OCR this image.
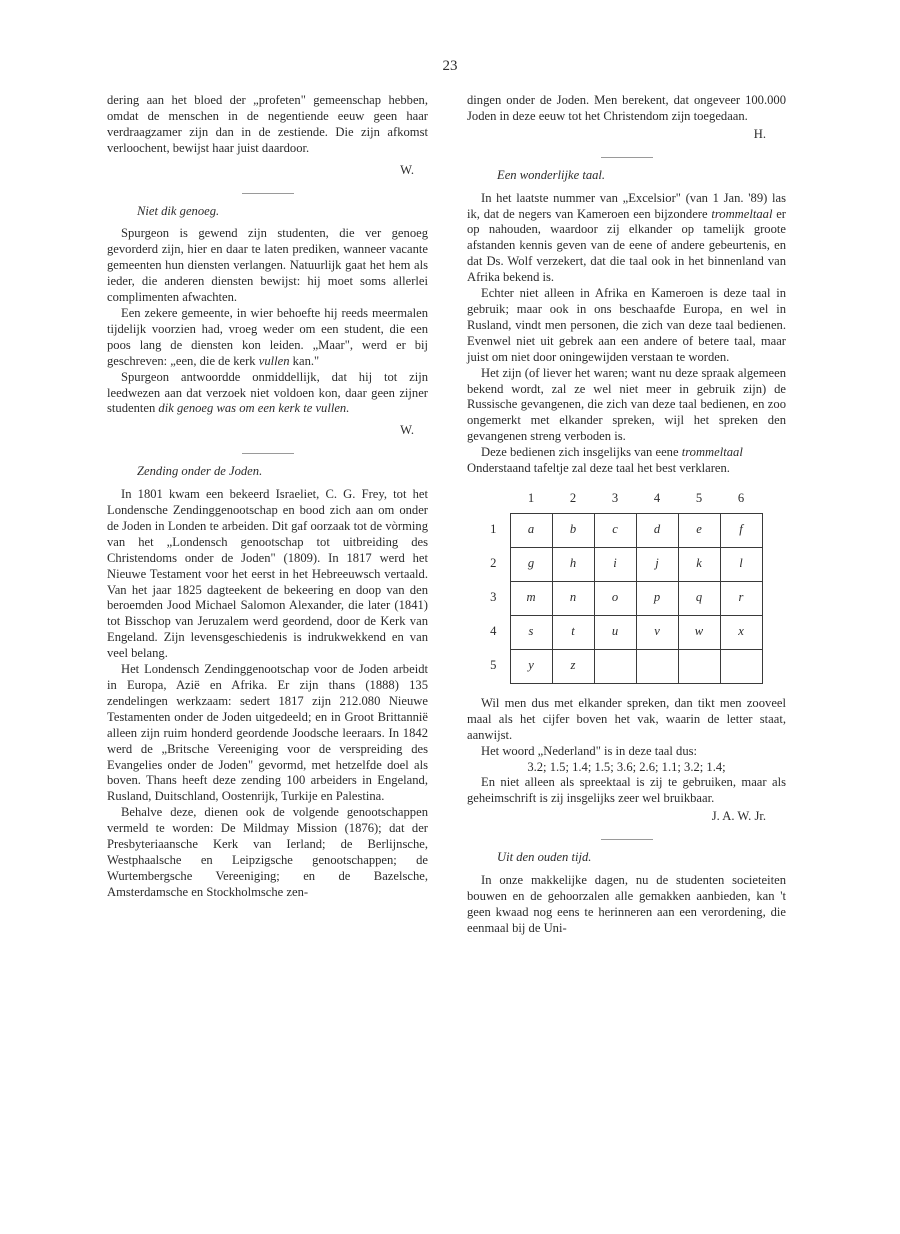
23

dering aan het bloed der „profeten" gemeenschap hebben, omdat de menschen in de negentiende eeuw geen haar verdraagzamer zijn dan in de zestiende. Die zijn afkomst verloochent, bewijst haar juist daardoor.

W.

Niet dik genoeg.

Spurgeon is gewend zijn studenten, die ver genoeg gevorderd zijn, hier en daar te laten prediken, wanneer vacante gemeenten hun diensten verlangen. Natuurlijk gaat het hem als ieder, die anderen diensten bewijst: hij moet soms allerlei complimenten afwachten.

Een zekere gemeente, in wier behoefte hij reeds meermalen tijdelijk voorzien had, vroeg weder om een student, die een poos lang de diensten kon leiden. „Maar", werd er bij geschreven: „een, die de kerk vullen kan."

Spurgeon antwoordde onmiddellijk, dat hij tot zijn leedwezen aan dat verzoek niet voldoen kon, daar geen zijner studenten dik genoeg was om een kerk te vullen.

W.

Zending onder de Joden.

In 1801 kwam een bekeerd Israeliet, C. G. Frey, tot het Londensche Zendinggenootschap en bood zich aan om onder de Joden in Londen te arbeiden. Dit gaf oorzaak tot de vòrming van het „Londensch genootschap tot uitbreiding des Christendoms onder de Joden" (1809). In 1817 werd het Nieuwe Testament voor het eerst in het Hebreeuwsch vertaald. Van het jaar 1825 dagteekent de bekeering en doop van den beroemden Jood Michael Salomon Alexander, die later (1841) tot Bisschop van Jeruzalem werd geordend, door de Kerk van Engeland. Zijn levensgeschiedenis is indrukwekkend en van veel belang.

Het Londensch Zendinggenootschap voor de Joden arbeidt in Europa, Azië en Afrika. Er zijn thans (1888) 135 zendelingen werkzaam: sedert 1817 zijn 212.080 Nieuwe Testamenten onder de Joden uitgedeeld; en in Groot Brittannië alleen zijn ruim honderd geordende Joodsche leeraars. In 1842 werd de „Britsche Vereeniging voor de verspreiding des Evangelies onder de Joden" gevormd, met hetzelfde doel als boven. Thans heeft deze zending 100 arbeiders in Engeland, Rusland, Duitschland, Oostenrijk, Turkije en Palestina.

Behalve deze, dienen ook de volgende genootschappen vermeld te worden: De Mildmay Mission (1876); dat der Presbyteriaansche Kerk van Ierland; de Berlijnsche, Westphaalsche en Leipzigsche genootschappen; de Wurtembergsche Vereeniging; en de Bazelsche, Amsterdamsche en Stockholmsche zen-

dingen onder de Joden. Men berekent, dat ongeveer 100.000 Joden in deze eeuw tot het Christendom zijn toegedaan.

H.

Een wonderlijke taal.

In het laatste nummer van „Excelsior" (van 1 Jan. '89) las ik, dat de negers van Kameroen een bijzondere trommeltaal er op nahouden, waardoor zij elkander op tamelijk groote afstanden kennis geven van de eene of andere gebeurtenis, en dat Ds. Wolf verzekert, dat die taal ook in het binnenland van Afrika bekend is.

Echter niet alleen in Afrika en Kameroen is deze taal in gebruik; maar ook in ons beschaafde Europa, en wel in Rusland, vindt men personen, die zich van deze taal bedienen. Evenwel niet uit gebrek aan een andere of betere taal, maar juist om niet door oningewijden verstaan te worden.

Het zijn (of liever het waren; want nu deze spraak algemeen bekend wordt, zal ze wel niet meer in gebruik zijn) de Russische gevangenen, die zich van deze taal bedienen, en zoo ongemerkt met elkander spreken, wijl het spreken den gevangenen streng verboden is.

Deze bedienen zich insgelijks van eene trommeltaal
Onderstaand tafeltje zal deze taal het best verklaren.

	1	2	3	4	5	6
1	a	b	c	d	e	f
2	g	h	i	j	k	l
3	m	n	o	p	q	r
4	s	t	u	v	w	x
5	y	z				

Wil men dus met elkander spreken, dan tikt men zooveel maal als het cijfer boven het vak, waarin de letter staat, aanwijst.

Het woord „Nederland" is in deze taal dus:

3.2; 1.5; 1.4; 1.5; 3.6; 2.6; 1.1; 3.2; 1.4;

En niet alleen als spreektaal is zij te gebruiken, maar als geheimschrift is zij insgelijks zeer wel bruikbaar.

J. A. W. Jr.

Uit den ouden tijd.

In onze makkelijke dagen, nu de studenten societeiten bouwen en de gehoorzalen alle gemakken aanbieden, kan 't geen kwaad nog eens te herinneren aan een verordening, die eenmaal bij de Uni-
